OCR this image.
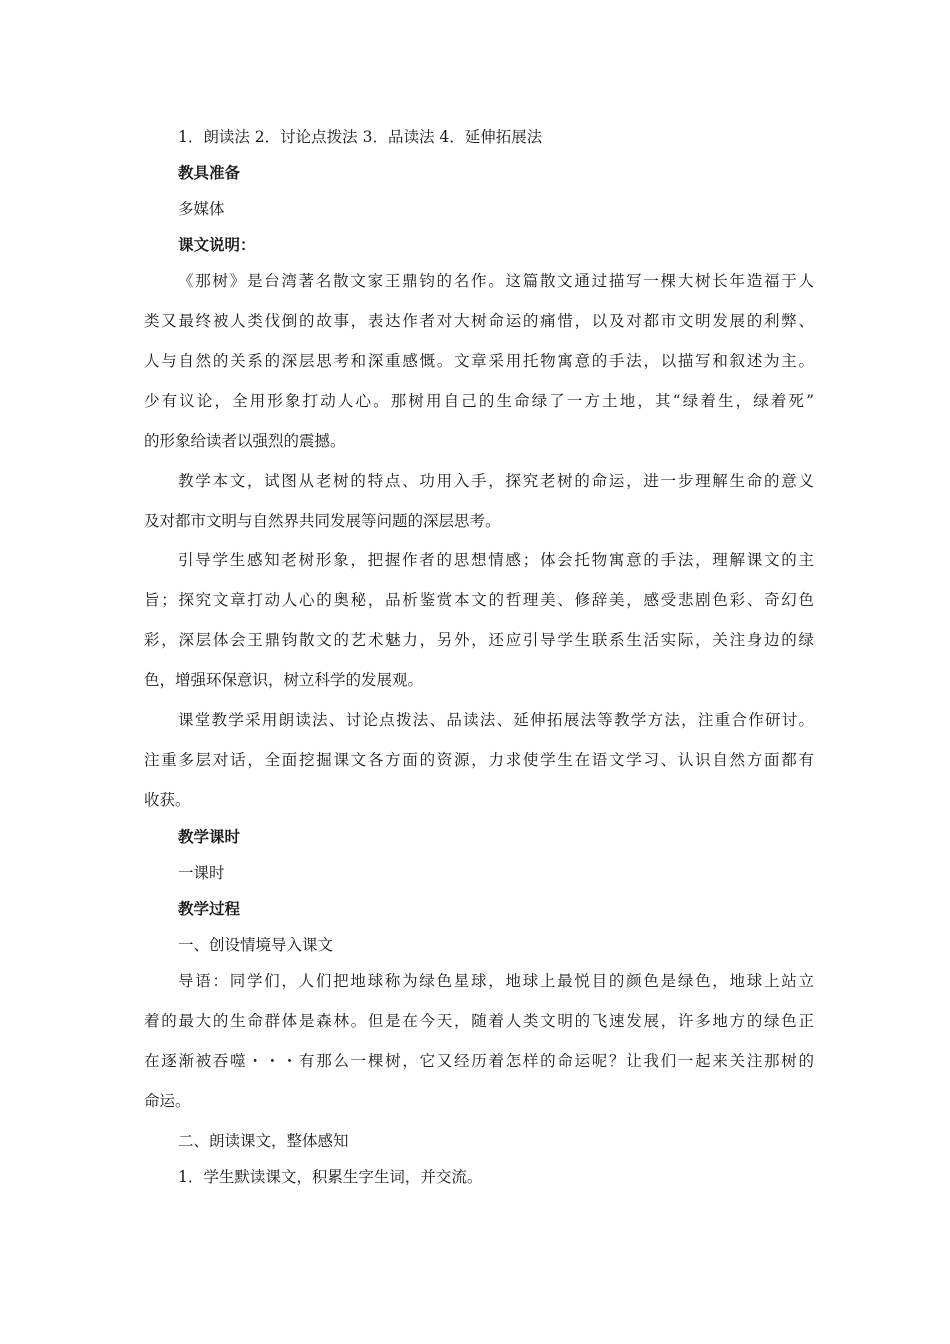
1．朗读法 2．讨论点拨法 3．品读法 4．延伸拓展法
教具准备
多媒体
课文说明：
《那树》是台湾著名散文家王鼎钧的名作。这篇散文通过描写一棵大树长年造福于人
类又最终被人类伐倒的故事，表达作者对大树命运的痛惜，以及对都市文明发展的利弊、
人与自然的关系的深层思考和深重感慨。文章采用托物寓意的手法，以描写和叙述为主。
少有议论，全用形象打动人心。那树用自己的生命绿了一方土地，其“绿着生，绿着死”
的形象给读者以强烈的震撼。
教学本文，试图从老树的特点、功用入手，探究老树的命运，进一步理解生命的意义
及对都市文明与自然界共同发展等问题的深层思考。
引导学生感知老树形象，把握作者的思想情感；体会托物寓意的手法，理解课文的主
旨；探究文章打动人心的奥秘，品析鉴赏本文的哲理美、修辞美，感受悲剧色彩、奇幻色
彩，深层体会王鼎钧散文的艺术魅力，另外，还应引导学生联系生活实际，关注身边的绿
色，增强环保意识，树立科学的发展观。
课堂教学采用朗读法、讨论点拨法、品读法、延伸拓展法等教学方法，注重合作研讨。
注重多层对话，全面挖掘课文各方面的资源，力求使学生在语文学习、认识自然方面都有
收获。
教学课时
一课时
教学过程
一、创设情境导入课文
导语：同学们，人们把地球称为绿色星球，地球上最悦目的颜色是绿色，地球上站立
着的最大的生命群体是森林。但是在今天，随着人类文明的飞速发展，许多地方的绿色正
在逐渐被吞噬・・・有那么一棵树，它又经历着怎样的命运呢？让我们一起来关注那树的
命运。
二、朗读课文，整体感知
1．学生默读课文，积累生字生词，并交流。
